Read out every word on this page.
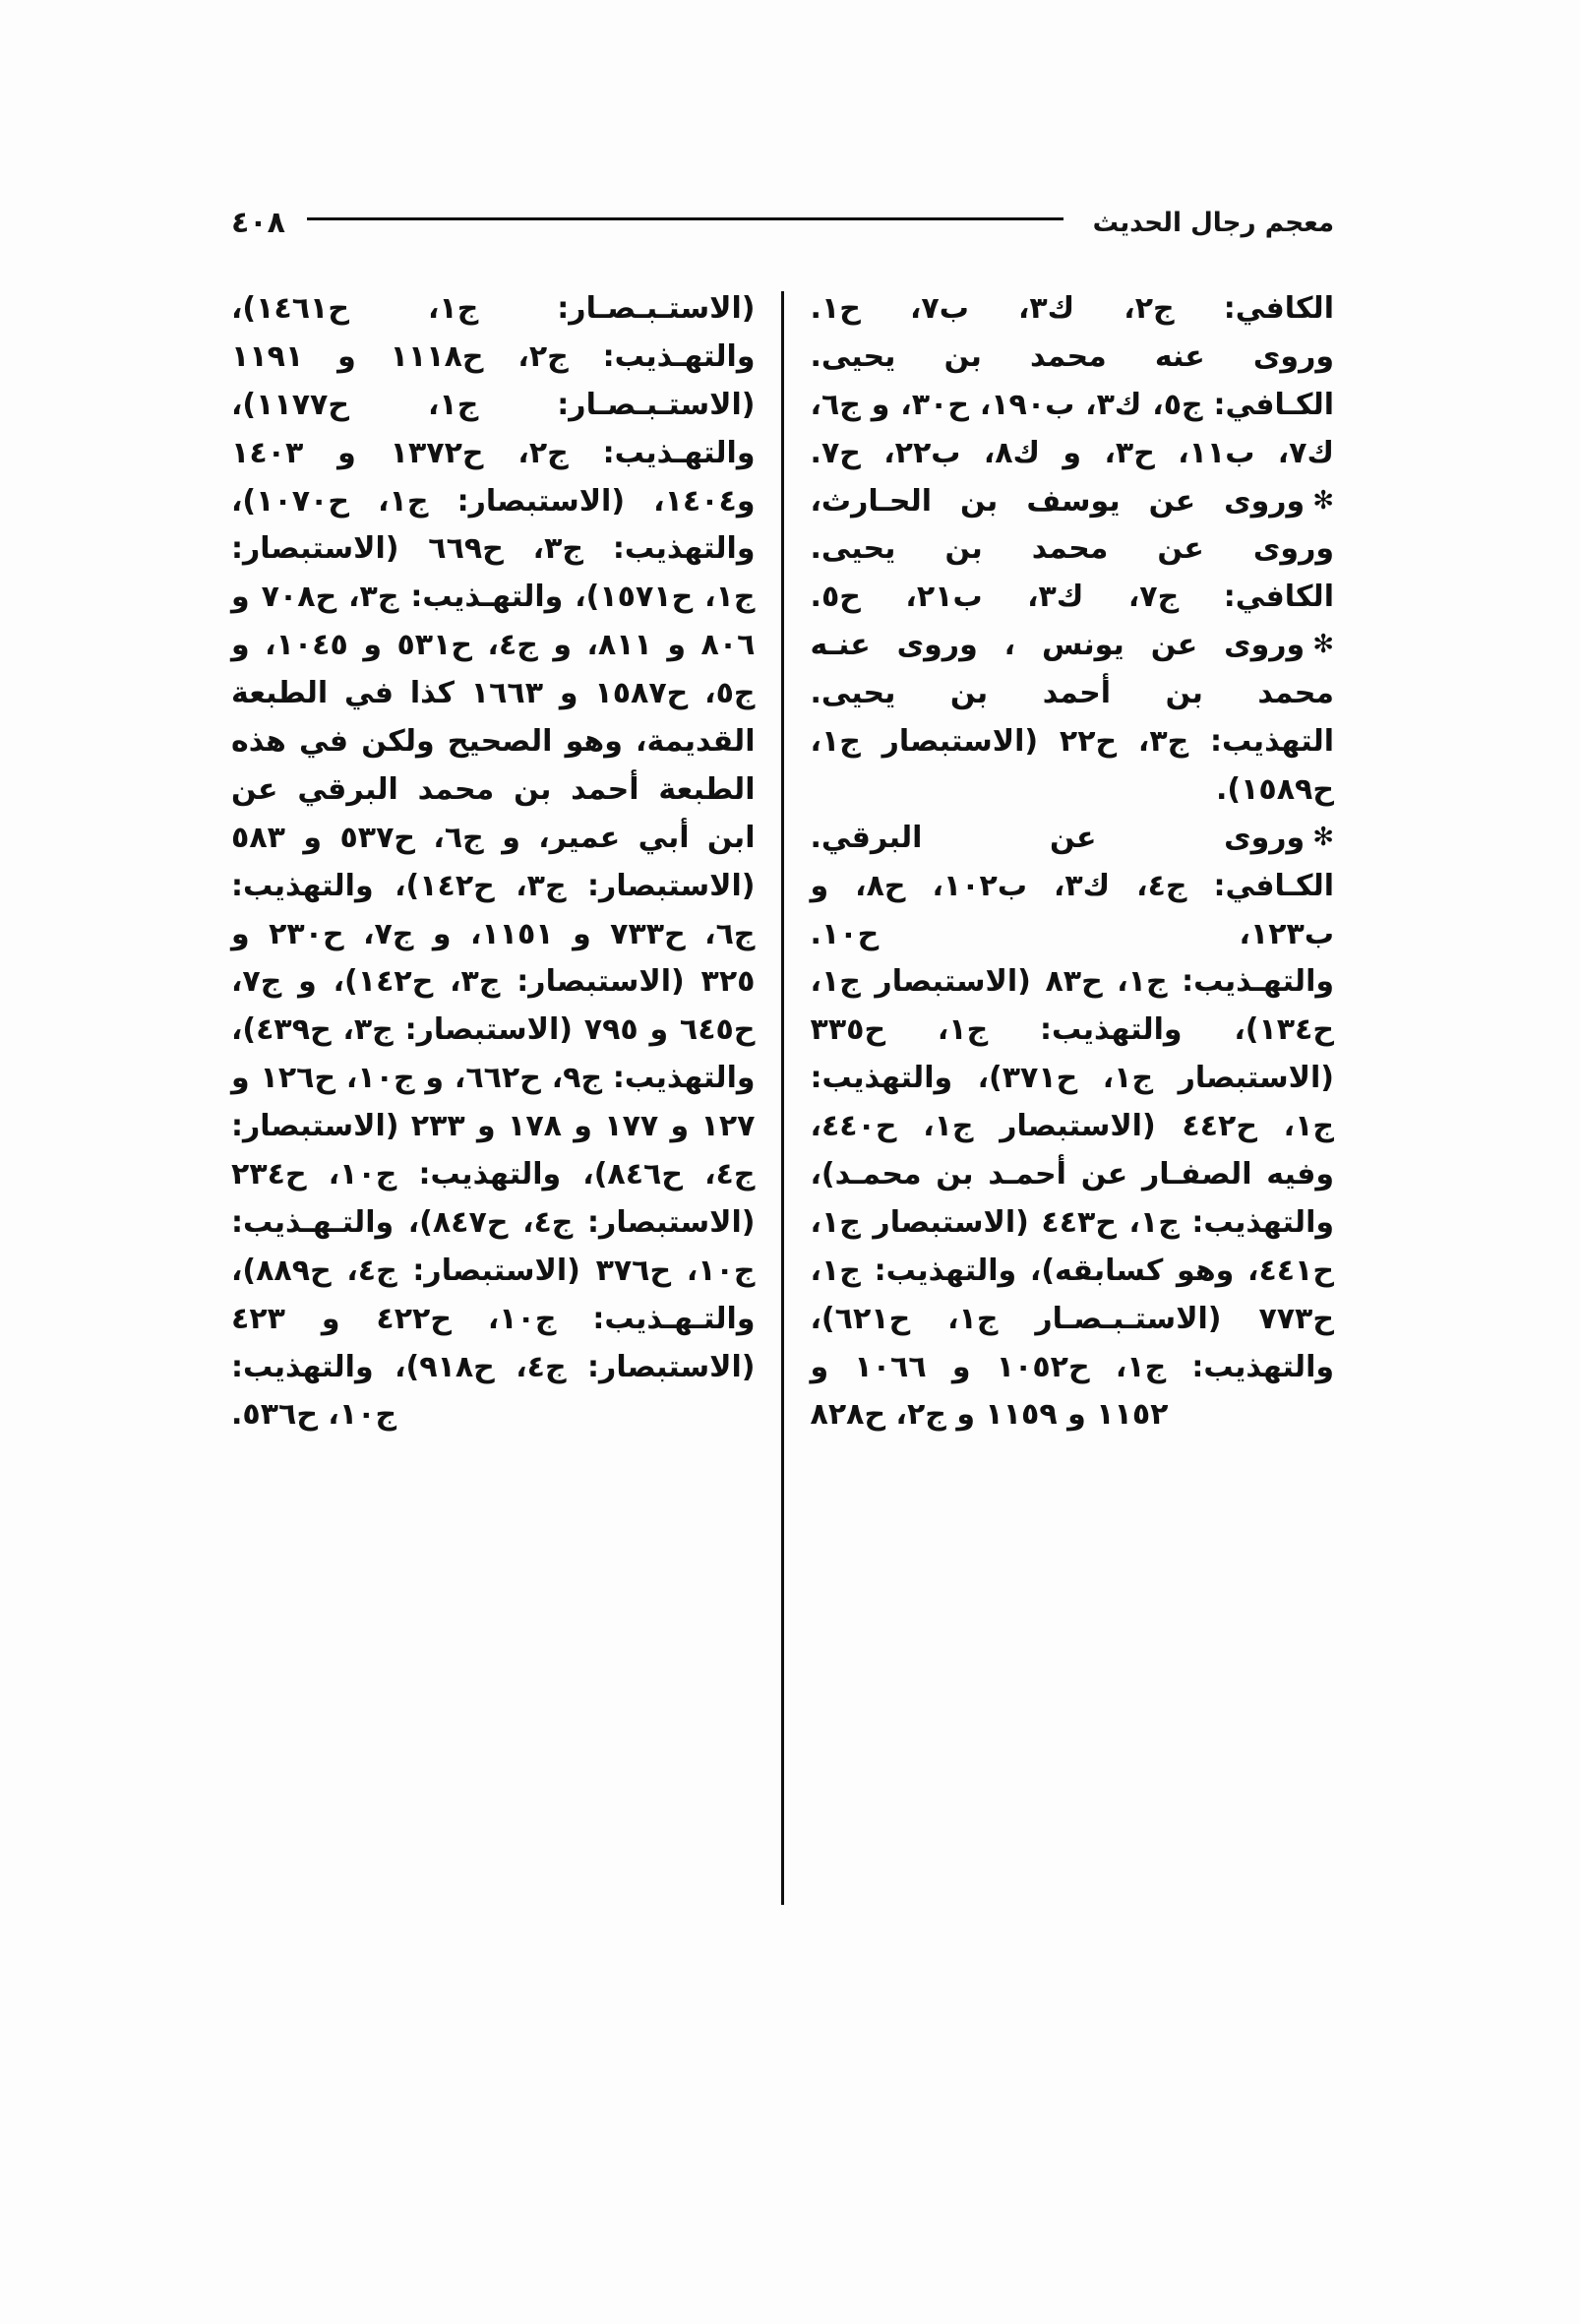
معجم رجال الحديث
٤٠٨
الكافي: ج٢، ك٣، ب٧، ح١.
وروى عنه محمد بن يحيى.
الكـافي: ج٥، ك٣، ب١٩٠، ح٣٠، و ج٦، ك٧، ب١١، ح٣، و ك٨، ب٢٢، ح٧.
✻وروى عن يوسف بن الحـارث، وروى عن محمد بن يحيى.
الكافي: ج٧، ك٣، ب٢١، ح٥.
✻وروى عن يونس ، وروى عنـه محمد بن أحمد بن يحيى.
التهذيب: ج٣، ح٢٢ (الاستبصار ج١، ح١٥٨٩).
✻وروى عن البرقي.
الكـافي: ج٤، ك٣، ب١٠٢، ح٨، و ب١٢٣، ح١٠.
والتهـذيب: ج١، ح٨٣ (الاستبصار ج١، ح١٣٤)، والتهذيب: ج١، ح٣٣٥ (الاستبصار ج١، ح٣٧١)، والتهذيب: ج١، ح٤٤٢ (الاستبصار ج١، ح٤٤٠، وفيه الصفـار عن أحمـد بن محمـد)، والتهذيب: ج١، ح٤٤٣ (الاستبصار ج١، ح٤٤١، وهو كسابقه)، والتهذيب: ج١، ح٧٧٣ (الاستـبـصـار ج١، ح٦٢١)، والتهذيب: ج١، ح١٠٥٢ و ١٠٦٦ و ١١٥٢ و ١١٥٩ و ج٢، ح٨٢٨
(الاستـبـصـار: ج١، ح١٤٦١)، والتهـذيب: ج٢، ح١١١٨ و ١١٩١ (الاستـبـصـار: ج١، ح١١٧٧)، والتهـذيب: ج٢، ح١٣٧٢ و ١٤٠٣ و١٤٠٤، (الاستبصار: ج١، ح١٠٧٠)، والتهذيب: ج٣، ح٦٦٩ (الاستبصار: ج١، ح١٥٧١)، والتهـذيب: ج٣، ح٧٠٨ و ٨٠٦ و ٨١١، و ج٤، ح٥٣١ و ١٠٤٥، و ج٥، ح١٥٨٧ و ١٦٦٣ كذا في الطبعة القديمة، وهو الصحيح ولكن في هذه الطبعة أحمد بن محمد البرقي عن ابن أبي عمير، و ج٦، ح٥٣٧ و ٥٨٣ (الاستبصار: ج٣، ح١٤٢)، والتهذيب: ج٦، ح٧٣٣ و ١١٥١، و ج٧، ح٢٣٠ و ٣٢٥ (الاستبصار: ج٣، ح١٤٢)، و ج٧، ح٦٤٥ و ٧٩٥ (الاستبصار: ج٣، ح٤٣٩)، والتهذيب: ج٩، ح٦٦٢، و ج١٠، ح١٢٦ و ١٢٧ و ١٧٧ و ١٧٨ و ٢٣٣ (الاستبصار: ج٤، ح٨٤٦)، والتهذيب: ج١٠، ح٢٣٤ (الاستبصار: ج٤، ح٨٤٧)، والتـهـذيب: ج١٠، ح٣٧٦ (الاستبصار: ج٤، ح٨٨٩)، والتـهـذيب: ج١٠، ح٤٢٢ و ٤٢٣ (الاستبصار: ج٤، ح٩١٨)، والتهذيب: ج١٠، ح٥٣٦.
